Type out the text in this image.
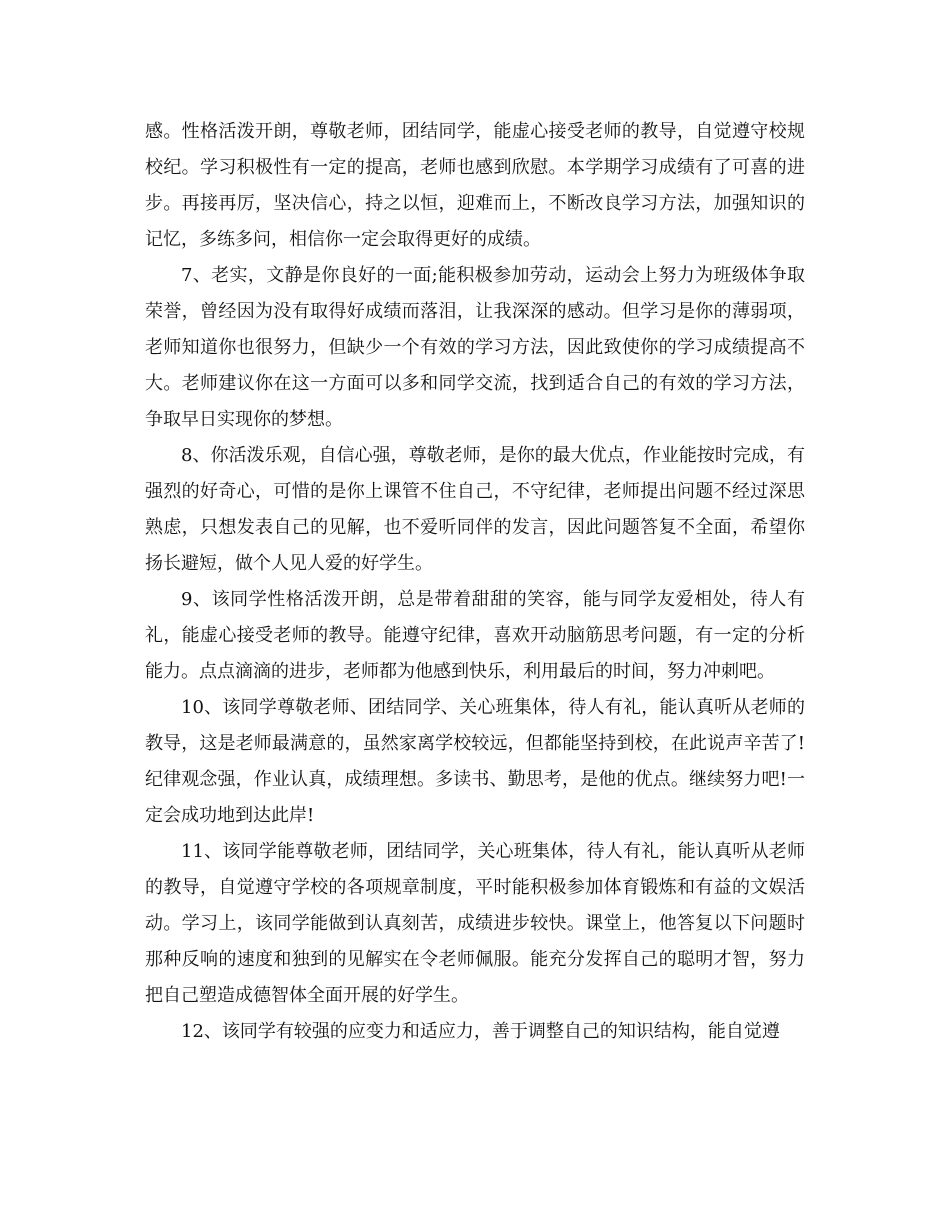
感。性格活泼开朗，尊敬老师，团结同学，能虚心接受老师的教导，自觉遵守校规校纪。学习积极性有一定的提高，老师也感到欣慰。本学期学习成绩有了可喜的进步。再接再厉，坚决信心，持之以恒，迎难而上，不断改良学习方法，加强知识的记忆，多练多问，相信你一定会取得更好的成绩。

7、老实，文静是你良好的一面;能积极参加劳动，运动会上努力为班级体争取荣誉，曾经因为没有取得好成绩而落泪，让我深深的感动。但学习是你的薄弱项，老师知道你也很努力，但缺少一个有效的学习方法，因此致使你的学习成绩提高不大。老师建议你在这一方面可以多和同学交流，找到适合自己的有效的学习方法，争取早日实现你的梦想。

8、你活泼乐观，自信心强，尊敬老师，是你的最大优点，作业能按时完成，有强烈的好奇心，可惜的是你上课管不住自己，不守纪律，老师提出问题不经过深思熟虑，只想发表自己的见解，也不爱听同伴的发言，因此问题答复不全面，希望你扬长避短，做个人见人爱的好学生。

9、该同学性格活泼开朗，总是带着甜甜的笑容，能与同学友爱相处，待人有礼，能虚心接受老师的教导。能遵守纪律，喜欢开动脑筋思考问题，有一定的分析能力。点点滴滴的进步，老师都为他感到快乐，利用最后的时间，努力冲刺吧。

10、该同学尊敬老师、团结同学、关心班集体，待人有礼，能认真听从老师的教导，这是老师最满意的，虽然家离学校较远，但都能坚持到校，在此说声辛苦了!纪律观念强，作业认真，成绩理想。多读书、勤思考，是他的优点。继续努力吧!一定会成功地到达此岸!

11、该同学能尊敬老师，团结同学，关心班集体，待人有礼，能认真听从老师的教导，自觉遵守学校的各项规章制度，平时能积极参加体育锻炼和有益的文娱活动。学习上，该同学能做到认真刻苦，成绩进步较快。课堂上，他答复以下问题时那种反响的速度和独到的见解实在令老师佩服。能充分发挥自己的聪明才智，努力把自己塑造成德智体全面开展的好学生。

12、该同学有较强的应变力和适应力，善于调整自己的知识结构，能自觉遵
